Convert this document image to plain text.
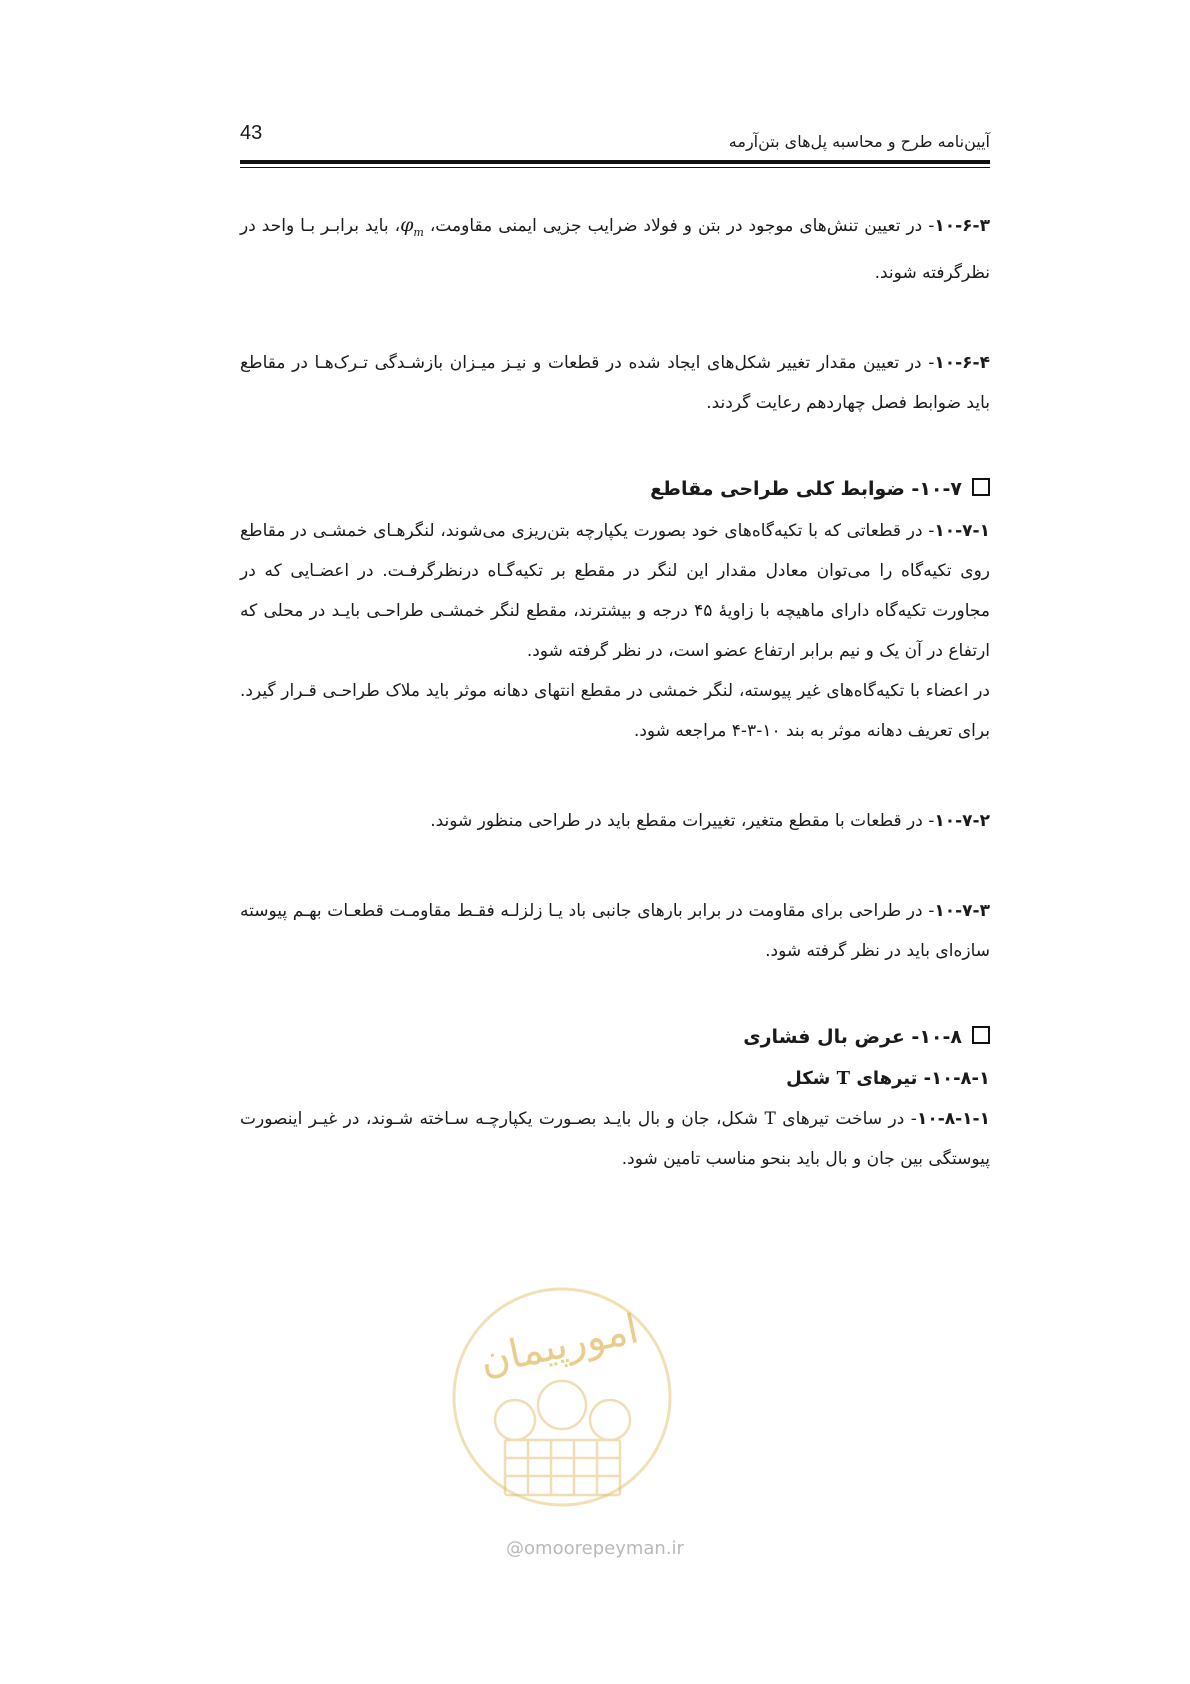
43	آیین‌نامه طرح و محاسبه پل‌های بتن‌آرمه

۱۰-۶-۳- در تعیین تنش‌های موجود در بتن و فولاد ضرایب جزیی ایمنی مقاومت، $\varphi_m،$ باید برابـر بـا واحد در نظرگرفته شوند.

۱۰-۶-۴- در تعیین مقدار تغییر شکل‌های ایجاد شده در قطعات و نیـز میـزان بازشـدگی تـرک‌هـا در مقاطع باید ضوابط فصل چهاردهم رعایت گردند.

۱۰-۷- ضوابط کلی طراحی مقاطع

۱۰-۷-۱- در قطعاتی که با تکیه‌گاه‌های خود بصورت یکپارچه بتن‌ریزی می‌شوند، لنگرهـای خمشـی در مقاطع روی تکیه‌گاه را می‌توان معادل مقدار این لنگر در مقطع بر تکیه‌گـاه درنظرگرفـت. در اعضـایی که در مجاورت تکیه‌گاه دارای ماهیچه با زاویهٔ ۴۵ درجه و بیشترند، مقطع لنگر خمشـی طراحـی بایـد در محلی که ارتفاع در آن یک و نیم برابر ارتفاع عضو است، در نظر گرفته شود.

در اعضاء با تکیه‌گاه‌های غیر پیوسته، لنگر خمشی در مقطع انتهای دهانه موثر باید ملاک طراحـی قـرار گیرد. برای تعریف دهانه موثر به بند ۱۰-۳-۴ مراجعه شود.

۱۰-۷-۲- در قطعات با مقطع متغیر، تغییرات مقطع باید در طراحی منظور شوند.

۱۰-۷-۳- در طراحی برای مقاومت در برابر بارهای جانبی باد یـا زلزلـه فقـط مقاومـت قطعـات بهـم پیوسته سازه‌ای باید در نظر گرفته شود.

۱۰-۸- عرض بال فشاری

۱۰-۸-۱- تیرهای T شکل

۱۰-۸-۱-۱- در ساخت تیرهای T شکل، جان و بال بایـد بصـورت یکپارچـه سـاخته شـوند، در غیـر اینصورت پیوستگی بین جان و بال باید بنحو مناسب تامین شود.

امورپیمان
@omoorepeyman.ir
